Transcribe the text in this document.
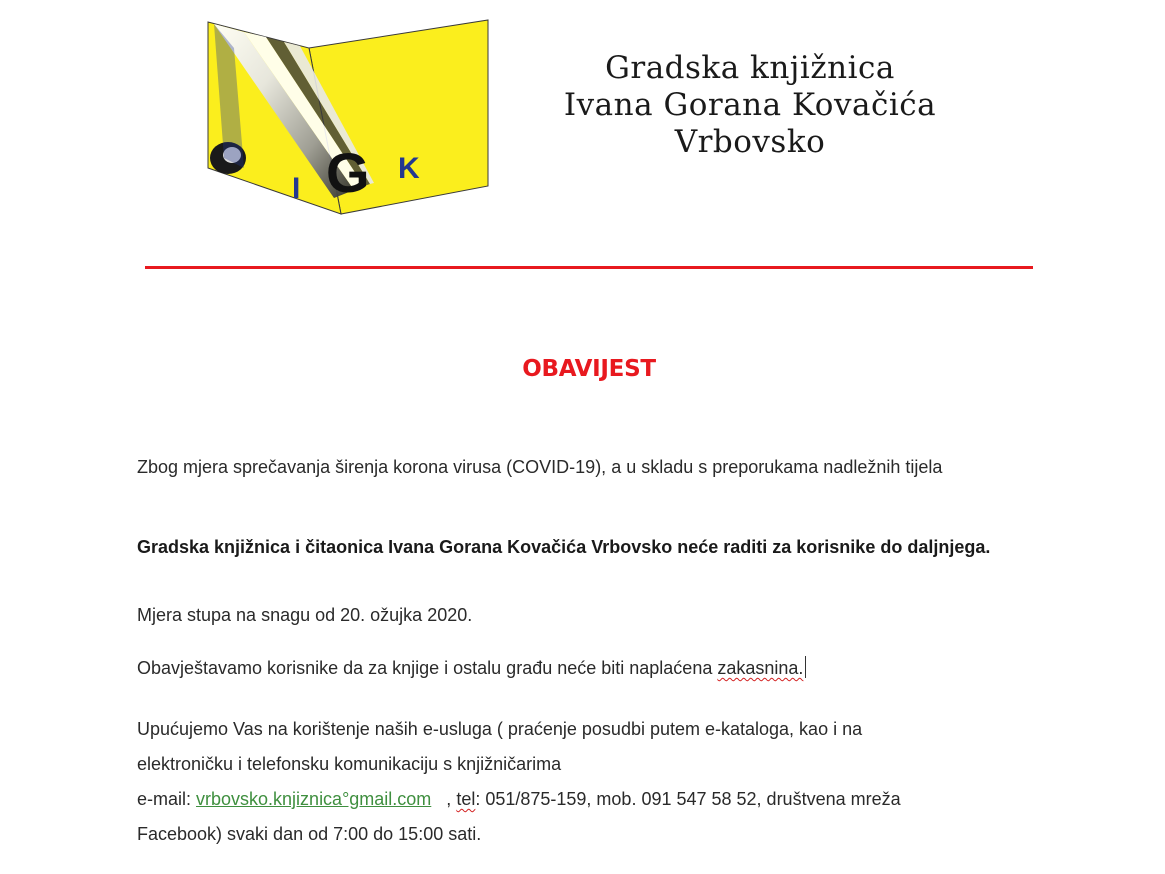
I G K
Gradska knjižnica
Ivana Gorana Kovačića
Vrbovsko
OBAVIJEST
Zbog mjera sprečavanja širenja korona virusa (COVID-19), a u skladu s preporukama nadležnih tijela
Gradska knjižnica i čitaonica Ivana Gorana Kovačića Vrbovsko neće raditi za korisnike do daljnjega.
Mjera stupa na snagu od 20. ožujka 2020.
Obavještavamo korisnike da za knjige i ostalu građu neće biti naplaćena zakasnina.
Upućujemo Vas na korištenje naših e-usluga ( praćenje posudbi putem e-kataloga, kao i na
elektroničku i telefonsku komunikaciju s knjižničarima
e-mail: vrbovsko.knjiznica°gmail.com   , tel: 051/875-159, mob. 091 547 58 52, društvena mreža
Facebook) svaki dan od 7:00 do 15:00 sati.
